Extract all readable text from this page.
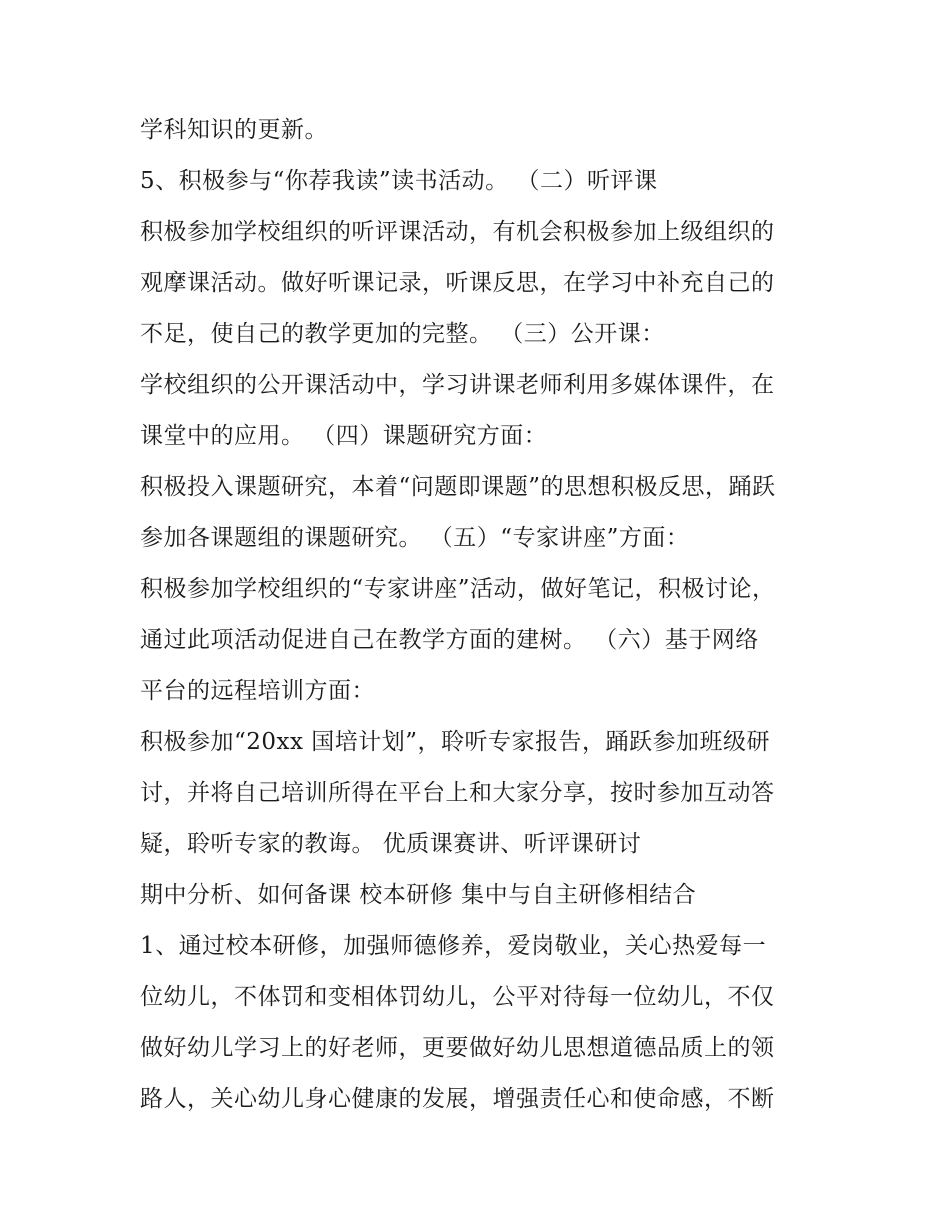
学科知识的更新。
5、积极参与“你荐我读”读书活动。 （二）听评课
积极参加学校组织的听评课活动，有机会积极参加上级组织的
观摩课活动。做好听课记录，听课反思，在学习中补充自己的
不足，使自己的教学更加的完整。 （三）公开课：
学校组织的公开课活动中，学习讲课老师利用多媒体课件，在
课堂中的应用。 （四）课题研究方面：
积极投入课题研究，本着“问题即课题”的思想积极反思，踊跃
参加各课题组的课题研究。 （五）“专家讲座”方面：
积极参加学校组织的“专家讲座”活动，做好笔记，积极讨论，
通过此项活动促进自己在教学方面的建树。 （六）基于网络
平台的远程培训方面：
积极参加“20xx 国培计划”，聆听专家报告，踊跃参加班级研
讨，并将自己培训所得在平台上和大家分享，按时参加互动答
疑，聆听专家的教诲。 优质课赛讲、听评课研讨
期中分析、如何备课 校本研修 集中与自主研修相结合
1、通过校本研修，加强师德修养，爱岗敬业，关心热爱每一
位幼儿，不体罚和变相体罚幼儿，公平对待每一位幼儿，不仅
做好幼儿学习上的好老师，更要做好幼儿思想道德品质上的领
路人，关心幼儿身心健康的发展，增强责任心和使命感，不断
